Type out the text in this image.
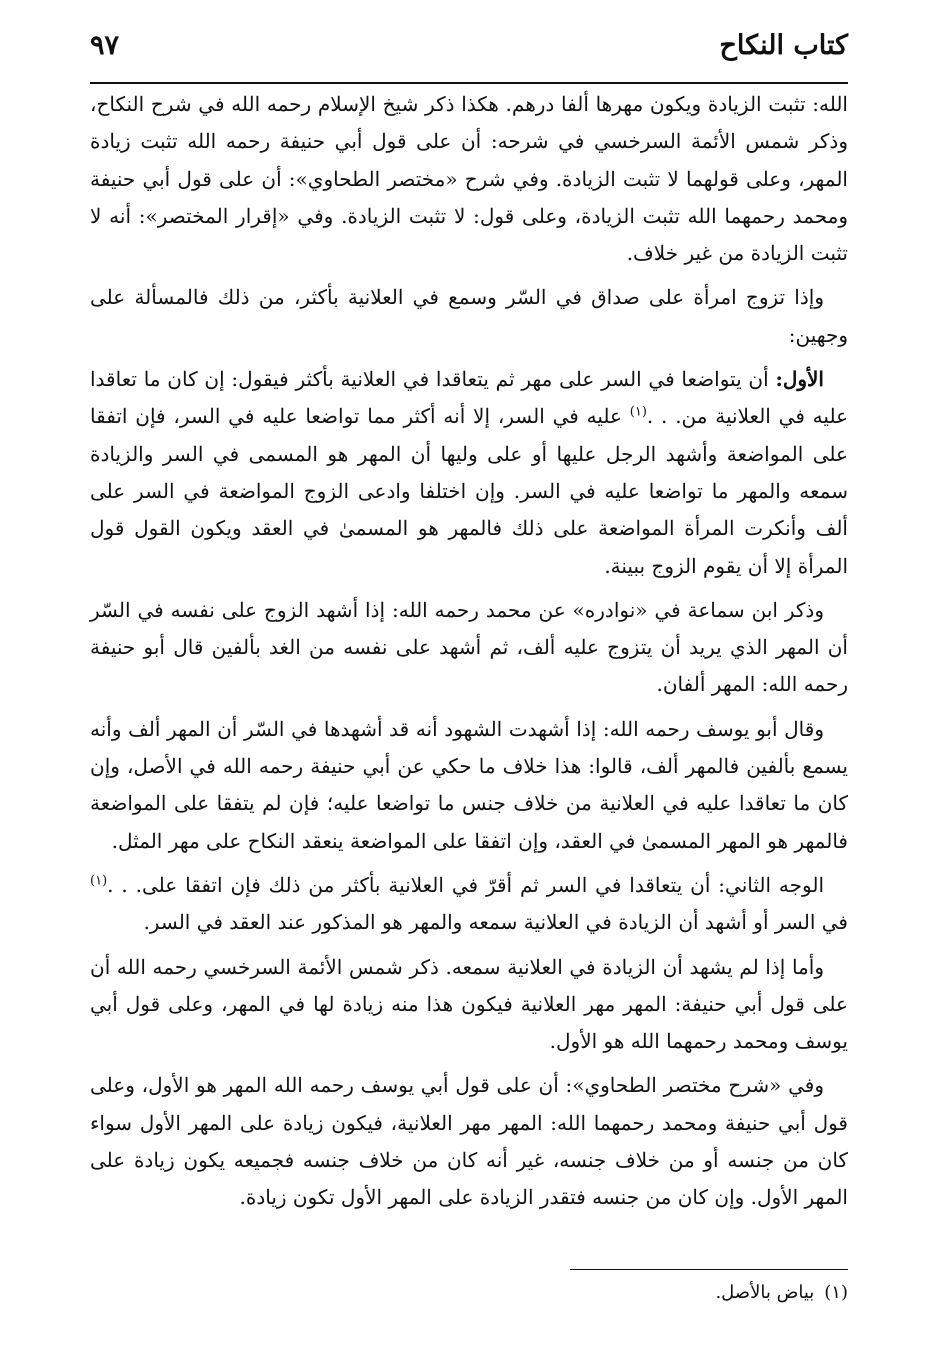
كتاب النكاح
٩٧

الله: تثبت الزيادة ويكون مهرها ألفا درهم. هكذا ذكر شيخ الإسلام رحمه الله في شرح النكاح، وذكر شمس الأئمة السرخسي في شرحه: أن على قول أبي حنيفة رحمه الله تثبت زيادة المهر، وعلى قولهما لا تثبت الزيادة. وفي شرح «مختصر الطحاوي»: أن على قول أبي حنيفة ومحمد رحمهما الله تثبت الزيادة، وعلى قول: لا تثبت الزيادة. وفي «إقرار المختصر»: أنه لا تثبت الزيادة من غير خلاف.

وإذا تزوج امرأة على صداق في السّر وسمع في العلانية بأكثر، من ذلك فالمسألة على وجهين:

الأول: أن يتواضعا في السر على مهر ثم يتعاقدا في العلانية بأكثر فيقول: إن كان ما تعاقدا عليه في العلانية من. . .$^{(١)}$ عليه في السر، إلا أنه أكثر مما تواضعا عليه في السر، فإن اتفقا على المواضعة وأشهد الرجل عليها أو على وليها أن المهر هو المسمى في السر والزيادة سمعه والمهر ما تواضعا عليه في السر. وإن اختلفا وادعى الزوج المواضعة في السر على ألف وأنكرت المرأة المواضعة على ذلك فالمهر هو المسمىٰ في العقد ويكون القول قول المرأة إلا أن يقوم الزوج ببينة.

وذكر ابن سماعة في «نوادره» عن محمد رحمه الله: إذا أشهد الزوج على نفسه في السّر أن المهر الذي يريد أن يتزوج عليه ألف، ثم أشهد على نفسه من الغد بألفين قال أبو حنيفة رحمه الله: المهر ألفان.

وقال أبو يوسف رحمه الله: إذا أشهدت الشهود أنه قد أشهدها في السّر أن المهر ألف وأنه يسمع بألفين فالمهر ألف، قالوا: هذا خلاف ما حكي عن أبي حنيفة رحمه الله في الأصل، وإن كان ما تعاقدا عليه في العلانية من خلاف جنس ما تواضعا عليه؛ فإن لم يتفقا على المواضعة فالمهر هو المهر المسمىٰ في العقد، وإن اتفقا على المواضعة ينعقد النكاح على مهر المثل.

الوجه الثاني: أن يتعاقدا في السر ثم أقرّ في العلانية بأكثر من ذلك فإن اتفقا على. . .$^{(١)}$ في السر أو أشهد أن الزيادة في العلانية سمعه والمهر هو المذكور عند العقد في السر.

وأما إذا لم يشهد أن الزيادة في العلانية سمعه. ذكر شمس الأئمة السرخسي رحمه الله أن على قول أبي حنيفة: المهر مهر العلانية فيكون هذا منه زيادة لها في المهر، وعلى قول أبي يوسف ومحمد رحمهما الله هو الأول.

وفي «شرح مختصر الطحاوي»: أن على قول أبي يوسف رحمه الله المهر هو الأول، وعلى قول أبي حنيفة ومحمد رحمهما الله: المهر مهر العلانية، فيكون زيادة على المهر الأول سواء كان من جنسه أو من خلاف جنسه، غير أنه كان من خلاف جنسه فجميعه يكون زيادة على المهر الأول. وإن كان من جنسه فتقدر الزيادة على المهر الأول تكون زيادة.

(١)بياض بالأصل.
